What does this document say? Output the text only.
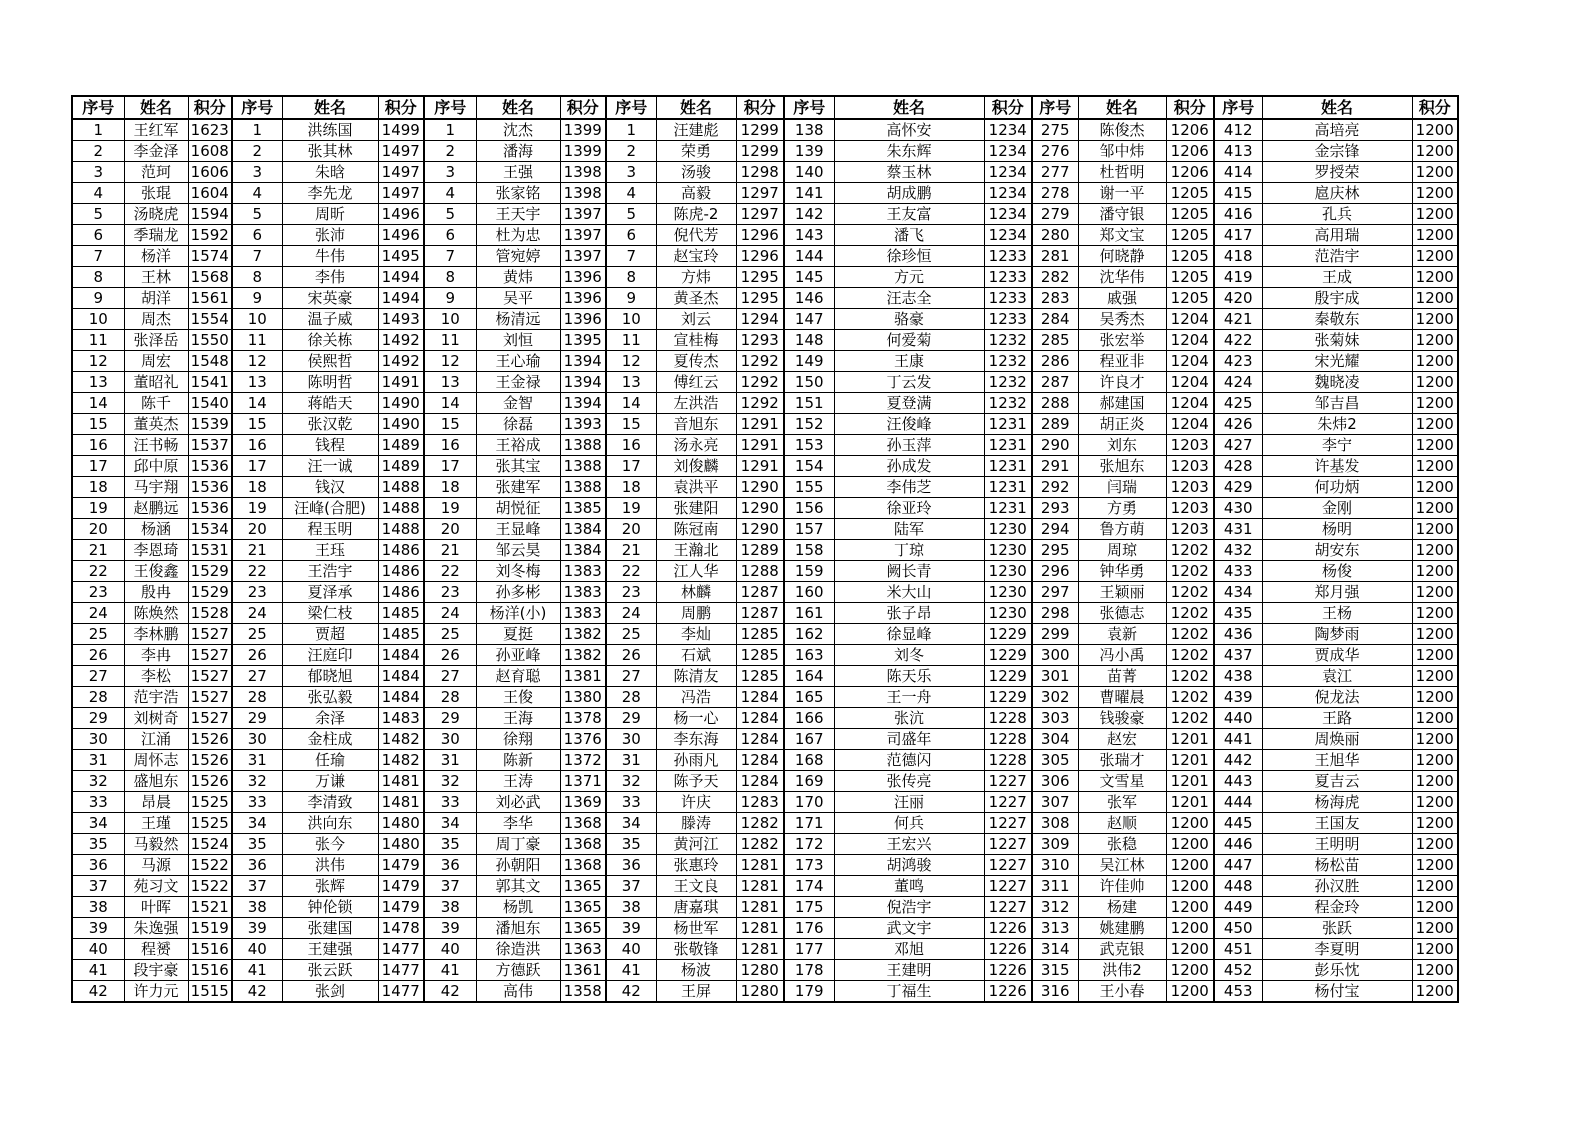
序号	姓名	积分	序号	姓名	积分	序号	姓名	积分	序号	姓名	积分	序号	姓名	积分	序号	姓名	积分	序号	姓名	积分
1	王红军	1623	1	洪练国	1499	1	沈杰	1399	1	汪建彪	1299	138	高怀安	1234	275	陈俊杰	1206	412	高培亮	1200
2	李金泽	1608	2	张其林	1497	2	潘海	1399	2	荣勇	1299	139	朱东辉	1234	276	邹中炜	1206	413	金宗锋	1200
3	范珂	1606	3	朱晗	1497	3	王强	1398	3	汤骏	1298	140	蔡玉林	1234	277	杜哲明	1206	414	罗授荣	1200
4	张琨	1604	4	李先龙	1497	4	张家铭	1398	4	高毅	1297	141	胡成鹏	1234	278	谢一平	1205	415	扈庆林	1200
5	汤晓虎	1594	5	周昕	1496	5	王天宇	1397	5	陈虎-2	1297	142	王友富	1234	279	潘守银	1205	416	孔兵	1200
6	季瑞龙	1592	6	张沛	1496	6	杜为忠	1397	6	倪代芳	1296	143	潘飞	1234	280	郑文宝	1205	417	高用瑞	1200
7	杨洋	1574	7	牛伟	1495	7	管宛婷	1397	7	赵宝玲	1296	144	徐珍恒	1233	281	何晓静	1205	418	范浩宇	1200
8	王林	1568	8	李伟	1494	8	黄炜	1396	8	方炜	1295	145	方元	1233	282	沈华伟	1205	419	王成	1200
9	胡洋	1561	9	宋英豪	1494	9	吴平	1396	9	黄圣杰	1295	146	汪志全	1233	283	戚强	1205	420	殷宇成	1200
10	周杰	1554	10	温子威	1493	10	杨清远	1396	10	刘云	1294	147	骆豪	1233	284	吴秀杰	1204	421	秦敬东	1200
11	张泽岳	1550	11	徐关栋	1492	11	刘恒	1395	11	宣桂梅	1293	148	何爱菊	1232	285	张宏举	1204	422	张菊妹	1200
12	周宏	1548	12	侯熙哲	1492	12	王心瑜	1394	12	夏传杰	1292	149	王康	1232	286	程亚非	1204	423	宋光耀	1200
13	董昭礼	1541	13	陈明哲	1491	13	王金禄	1394	13	傅红云	1292	150	丁云发	1232	287	许良才	1204	424	魏晓凌	1200
14	陈千	1540	14	蒋皓天	1490	14	金智	1394	14	左洪浩	1292	151	夏登满	1232	288	郝建国	1204	425	邹吉昌	1200
15	董英杰	1539	15	张汉乾	1490	15	徐磊	1393	15	音旭东	1291	152	汪俊峰	1231	289	胡正炎	1204	426	朱炜2	1200
16	汪书畅	1537	16	钱程	1489	16	王裕成	1388	16	汤永亮	1291	153	孙玉萍	1231	290	刘东	1203	427	李宁	1200
17	邱中原	1536	17	汪一诚	1489	17	张其宝	1388	17	刘俊麟	1291	154	孙成发	1231	291	张旭东	1203	428	许基发	1200
18	马宇翔	1536	18	钱汉	1488	18	张建军	1388	18	袁洪平	1290	155	李伟芝	1231	292	闫瑞	1203	429	何功炳	1200
19	赵鹏远	1536	19	汪峰(合肥)	1488	19	胡悦征	1385	19	张建阳	1290	156	徐亚玲	1231	293	方勇	1203	430	金刚	1200
20	杨涵	1534	20	程玉明	1488	20	王显峰	1384	20	陈冠南	1290	157	陆军	1230	294	鲁方萌	1203	431	杨明	1200
21	李恩琦	1531	21	王珏	1486	21	邹云昊	1384	21	王瀚北	1289	158	丁琼	1230	295	周琼	1202	432	胡安东	1200
22	王俊鑫	1529	22	王浩宇	1486	22	刘冬梅	1383	22	江人华	1288	159	阙长青	1230	296	钟华勇	1202	433	杨俊	1200
23	殷冉	1529	23	夏泽承	1486	23	孙多彬	1383	23	林麟	1287	160	米大山	1230	297	王颖丽	1202	434	郑月强	1200
24	陈焕然	1528	24	梁仁枝	1485	24	杨洋(小)	1383	24	周鹏	1287	161	张子昂	1230	298	张德志	1202	435	王杨	1200
25	李林鹏	1527	25	贾超	1485	25	夏挺	1382	25	李灿	1285	162	徐显峰	1229	299	袁新	1202	436	陶梦雨	1200
26	李冉	1527	26	汪庭印	1484	26	孙亚峰	1382	26	石斌	1285	163	刘冬	1229	300	冯小禹	1202	437	贾成华	1200
27	李松	1527	27	郁晓旭	1484	27	赵育聪	1381	27	陈清友	1285	164	陈天乐	1229	301	苗菁	1202	438	袁江	1200
28	范宇浩	1527	28	张弘毅	1484	28	王俊	1380	28	冯浩	1284	165	王一舟	1229	302	曹曜晨	1202	439	倪龙法	1200
29	刘树奇	1527	29	余泽	1483	29	王海	1378	29	杨一心	1284	166	张沆	1228	303	钱骏豪	1202	440	王路	1200
30	江涌	1526	30	金柱成	1482	30	徐翔	1376	30	李东海	1284	167	司盛年	1228	304	赵宏	1201	441	周焕丽	1200
31	周怀志	1526	31	任瑜	1482	31	陈新	1372	31	孙雨凡	1284	168	范德闪	1228	305	张瑞才	1201	442	王旭华	1200
32	盛旭东	1526	32	万谦	1481	32	王涛	1371	32	陈予天	1284	169	张传亮	1227	306	文雪星	1201	443	夏吉云	1200
33	昂晨	1525	33	李清致	1481	33	刘必武	1369	33	许庆	1283	170	汪丽	1227	307	张军	1201	444	杨海虎	1200
34	王瑾	1525	34	洪向东	1480	34	李华	1368	34	滕涛	1282	171	何兵	1227	308	赵顺	1200	445	王国友	1200
35	马毅然	1524	35	张今	1480	35	周丁豪	1368	35	黄河江	1282	172	王宏兴	1227	309	张稳	1200	446	王明明	1200
36	马源	1522	36	洪伟	1479	36	孙朝阳	1368	36	张惠玲	1281	173	胡鸿骏	1227	310	吴江林	1200	447	杨松苗	1200
37	苑习文	1522	37	张辉	1479	37	郭其文	1365	37	王文良	1281	174	董鸣	1227	311	许佳帅	1200	448	孙汉胜	1200
38	叶晖	1521	38	钟伦锁	1479	38	杨凯	1365	38	唐嘉琪	1281	175	倪浩宇	1227	312	杨建	1200	449	程金玲	1200
39	朱逸强	1519	39	张建国	1478	39	潘旭东	1365	39	杨世军	1281	176	武文宇	1226	313	姚建鹏	1200	450	张跃	1200
40	程赟	1516	40	王建强	1477	40	徐造洪	1363	40	张敬锋	1281	177	邓旭	1226	314	武克银	1200	451	李夏明	1200
41	段宇豪	1516	41	张云跃	1477	41	方德跃	1361	41	杨波	1280	178	王建明	1226	315	洪伟2	1200	452	彭乐忱	1200
42	许力元	1515	42	张剑	1477	42	高伟	1358	42	王屏	1280	179	丁福生	1226	316	王小春	1200	453	杨付宝	1200
